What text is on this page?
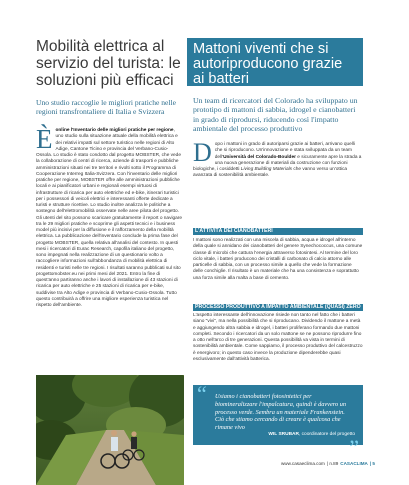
Mobilità elettrica al servizio del turista: le soluzioni più efficaci
Uno studio raccoglie le migliori pratiche nelle regioni transfrontaliere di Italia e Svizzera
È online l'Inventario delle migliori pratiche per regione, uno studio sulla situazione attuale della mobilità elettrica e dei relativi impatti sul settore turistico nelle regioni di Alto Adige, Cantone Ticino e provincia del Verbano-Cusio-Ossola. Lo studio è stato condotto dal progetto MOBSTER, che vede la collaborazione di centri di ricerca, aziende di trasporti e pubbliche amministrazioni situati nei tre territori e rivolti sotto il Programma di Cooperazione Interreg Italia-Svizzera. Con l'inventario delle migliori pratiche per regione, MOBSTER offre alle amministrazioni pubbliche locali e ai pianificatori urbani e regionali esempi virtuosi di infrastrutture di ricarica per auto elettriche ed e-bike, itinerari turistici per i possessori di veicoli elettrici e interessanti offerte dedicate a turisti e strutture ricettive. Lo studio inoltre analizza le politiche a sostegno dell'elettromobilità osservate nelle aree pilota del progetto. Gli utenti del sito possono scaricare gratuitamente il report o navigare tra le 29 migliori pratiche e scoprirne gli aspetti tecnici e i business model più incisivi per la diffusione e il rafforzamento della mobilità elettrica. La pubblicazione dell'inventario conclude la prima fase del progetto MOBSTER, quella relativa all'analisi del contesto. In questi mesi i ricercatori di Eurac Research, capofila italiano del progetto, sono impegnati nella realizzazione di un questionario volto a raccogliere informazioni sull'abbondanza di mobilità elettrica di residenti e turisti nelle tre regioni. I risultati saranno pubblicati sul sito progettomobster.eu nei primi mesi del 2021. Entro la fine di quest'anno partiranno anche i lavori di installazione di 43 stazioni di ricarica per auto elettriche e 25 stazioni di ricarica per e-bike, suddivise tra Alto Adige e provincia di Verbano-Cusio-Ossola. Tutto questo contribuirà a offrire una migliore esperienza turistica nel rispetto dell'ambiente.
Mattoni viventi che si autoriproducono grazie ai batteri
Un team di ricercatori del Colorado ha sviluppato un prototipo di mattoni di sabbia, idrogel e cianobatteri in grado di riprodursi, riducendo così l'impatto ambientale del processo produttivo
D opo i mattoni in grado di autoriparsi grazie ai batteri, arrivano quelli che si riproducono. Un'innovazione e stata sviluppata da un team dell'Università del Colorado-Boulder e sicuramente apre la strada a una nuova generazione di materiali da costruzione con funzioni biologiche, i cosiddetti Living Building Materials che vanno verso un'ottica avanzata di sostenibilità ambientale.
L'ATTIVITÀ DEI CIANOBATTERI
I mattoni sono realizzati con una miscela di sabbia, acqua e idrogel all'interno della quale si annidano dei cianobatteri del genere Synechococcus, una comune classe di microbi che cattura l'energia attraverso fotosintesi. Al termine del loro ciclo vitale, i batteri producono dei cristalli di carbonato di calcio attorno alle particelle di sabbia, con un processo simile a quello che vede la formazione delle conchiglie. Il risultato è un materiale che ha una consistenza e soprattutto una forza simile alla malta a base di cemento.
PROCESSO PRODUTTIVO A IMPATTO AMBIENTALE (QUASI) ZERO
L'aspetto interessante dell'innovazione risiede non tanto nel fatto che i batteri siano "vivi", ma nella possibilità che si riproducano. Dividendo il mattone a metà e aggiungendo altra sabbia e idrogel, i batteri proliferano formando due mattoni completi. Secondo i ricercatori da un solo mattone se ne possono riprodurre fino a otto nell'arco di tre generazioni. Questa possibilità va vista in termini di sostenibilità ambientale. Come sappiamo, il processo produttivo del calcestruzzo è energivoro; in questo caso invece la produzione dipenderebbe quasi esclusivamente dall'attività batterica.
“ Usiamo i cianobatteri fotosintetici per biomineralizzare l'impalcatura, quindi è davvero un processo verde. Sembra un materiale Frankenstein. Ciò che stiamo cercando di creare è qualcosa che rimane vivo
WIL SRUBAR, coordinatore del progetto
”
www.casaeclima.com | n.89 CASACLIMA | 5
